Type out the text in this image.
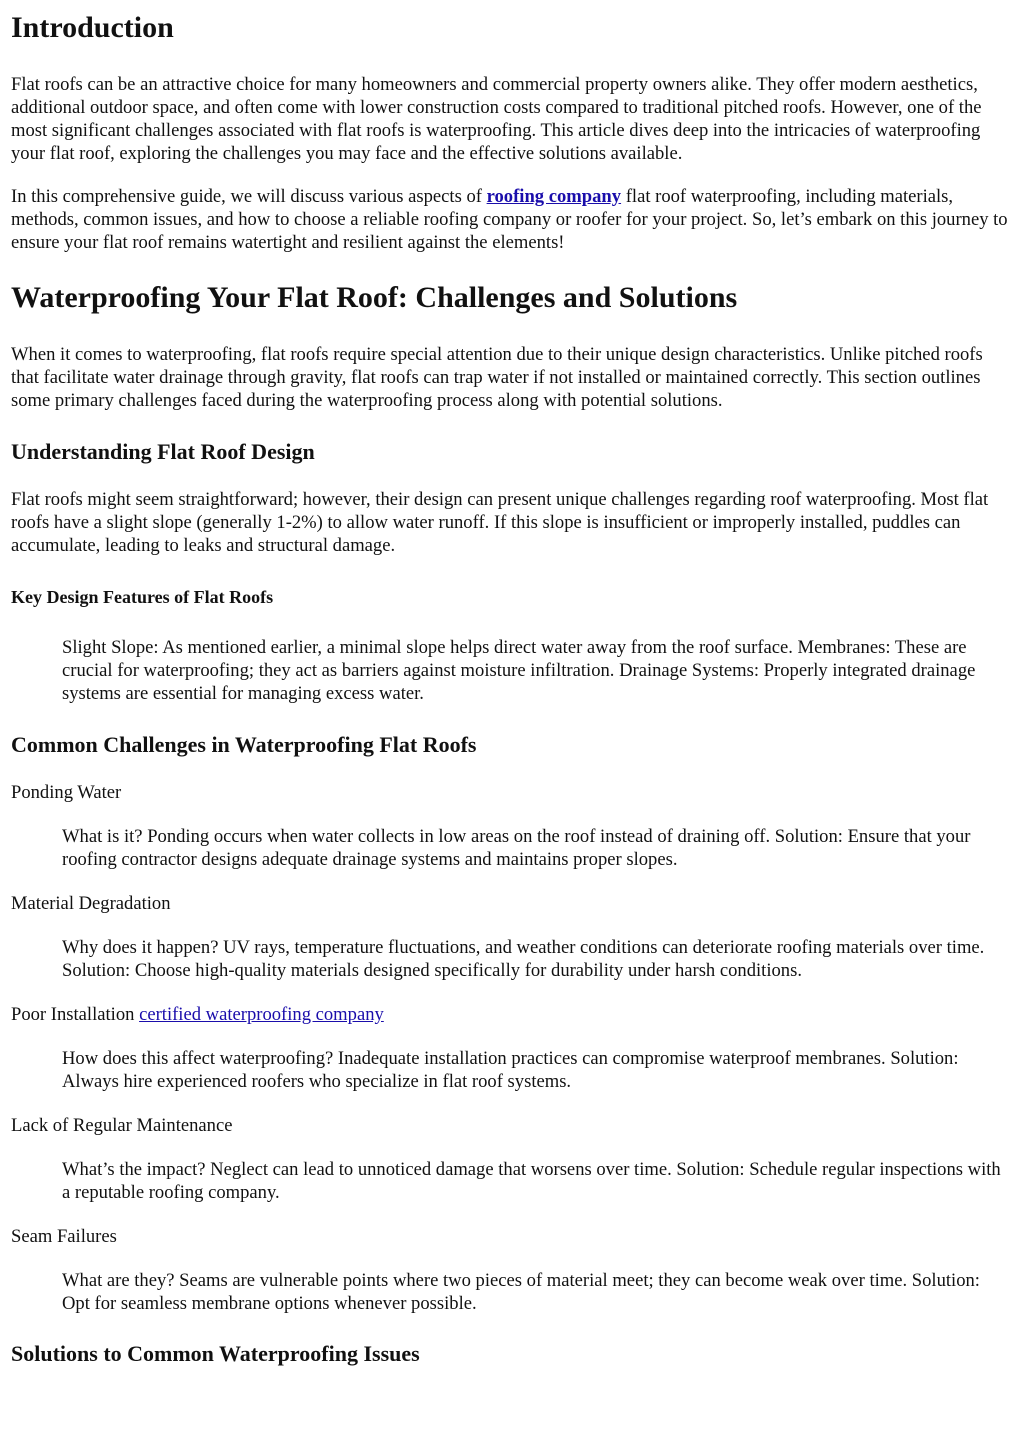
Introduction

Flat roofs can be an attractive choice for many homeowners and commercial property owners alike. They offer modern aesthetics, additional outdoor space, and often come with lower construction costs compared to traditional pitched roofs. However, one of the most significant challenges associated with flat roofs is waterproofing. This article dives deep into the intricacies of waterproofing your flat roof, exploring the challenges you may face and the effective solutions available.

In this comprehensive guide, we will discuss various aspects of roofing company flat roof waterproofing, including materials, methods, common issues, and how to choose a reliable roofing company or roofer for your project. So, let’s embark on this journey to ensure your flat roof remains watertight and resilient against the elements!

Waterproofing Your Flat Roof: Challenges and Solutions

When it comes to waterproofing, flat roofs require special attention due to their unique design characteristics. Unlike pitched roofs that facilitate water drainage through gravity, flat roofs can trap water if not installed or maintained correctly. This section outlines some primary challenges faced during the waterproofing process along with potential solutions.

Understanding Flat Roof Design

Flat roofs might seem straightforward; however, their design can present unique challenges regarding roof waterproofing. Most flat roofs have a slight slope (generally 1-2%) to allow water runoff. If this slope is insufficient or improperly installed, puddles can accumulate, leading to leaks and structural damage.

Key Design Features of Flat Roofs
Slight Slope: As mentioned earlier, a minimal slope helps direct water away from the roof surface. Membranes: These are crucial for waterproofing; they act as barriers against moisture infiltration. Drainage Systems: Properly integrated drainage systems are essential for managing excess water.
Common Challenges in Waterproofing Flat Roofs

Ponding Water

What is it? Ponding occurs when water collects in low areas on the roof instead of draining off. Solution: Ensure that your roofing contractor designs adequate drainage systems and maintains proper slopes.

Material Degradation

Why does it happen? UV rays, temperature fluctuations, and weather conditions can deteriorate roofing materials over time. Solution: Choose high-quality materials designed specifically for durability under harsh conditions.

Poor Installation certified waterproofing company

How does this affect waterproofing? Inadequate installation practices can compromise waterproof membranes. Solution: Always hire experienced roofers who specialize in flat roof systems.

Lack of Regular Maintenance

What’s the impact? Neglect can lead to unnoticed damage that worsens over time. Solution: Schedule regular inspections with a reputable roofing company.

Seam Failures

What are they? Seams are vulnerable points where two pieces of material meet; they can become weak over time. Solution: Opt for seamless membrane options whenever possible.
Solutions to Common Waterproofing Issues
